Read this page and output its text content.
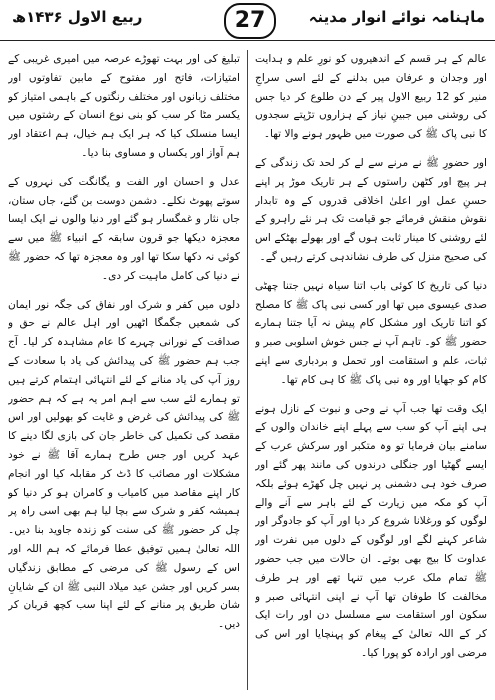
ماہنامہ نوائے انوار مدینہ
27
ربیع الاول ۱۴۳۶ھ

عالم کے ہر قسم کے اندھیروں کو نورِ علم و ہدایت اور وجدان و عرفان میں بدلنے کے لئے اسی سراجِ منیر کو 12 ربیع الاول پیر کے دن طلوع کر دیا جس کی روشنی میں جبینِ نیاز کے ہزاروں تڑپتے سجدوں کا نبی پاک ﷺ کی صورت میں ظہور ہونے والا تھا۔

اور حضورِ ﷺ نے مرنے سے لے کر لحد تک زندگی کے ہر پیچ اور کٹھن راستوں کے ہر تاریک موڑ پر اپنے حسنِ عمل اور اعلیٰ اخلاقی قدروں کے وہ تابدار نقوش منقش فرمائے جو قیامت تک ہر نئے راہرو کے لئے روشنی کا مینار ثابت ہوں گے اور بھولے بھٹکے اس کی صحیح منزل کی طرف نشاندہی کرتے رہیں گے۔

دنیا کی تاریخ کا کوئی باب اتنا سیاہ نہیں جتنا چھٹی صدی عیسوی میں تھا اور کسی نبی پاک ﷺ کا مصلح کو اتنا تاریک اور مشکل کام پیش نہ آیا جتنا ہمارے حضور ﷺ کو۔ تاہم آپ نے جس خوش اسلوبی صبر و ثبات، علم و استقامت اور تحمل و بردباری سے اپنے کام کو جھایا اور وہ نبی پاک ﷺ کا ہی کام تھا۔

ایک وقت تھا جب آپ نے وحی و نبوت کے نازل ہونے ہی اپنے آپ کو سب سے پہلے اپنے خاندان والوں کے سامنے بیان فرمایا تو وہ متکبر اور سرکش عرب کے ایسے گھٹیا اور جنگلی درندوں کی مانند پھر گئے اور صرف خود ہی دشمنی پر نہیں چل کھڑے ہوئے بلکہ آپ کو مکہ میں زیارت کے لئے باہر سے آنے والے لوگوں کو ورغلانا شروع کر دیا اور آپ کو جادوگر اور شاعر کہنے لگے اور لوگوں کے دلوں میں نفرت اور عداوت کا بیج بھی بوتے۔ ان حالات میں جب حضور ﷺ تمام ملک عرب میں تنہا تھے اور ہر طرف مخالفت کا طوفان تھا آپ نے اپنی انتہائی صبر و سکون اور استقامت سے مسلسل دن اور رات ایک کر کے اللہ تعالیٰ کے پیغام کو پہنچایا اور اس کی مرضی اور ارادہ کو پورا کیا۔

تبلیغ کی اور بہت تھوڑے عرصہ میں امیری غریبی کے امتیازات، فاتح اور مفتوح کے مابین تفاوتوں اور مختلف زبانوں اور مختلف رنگتوں کے باہمی امتیاز کو یکسر مٹا کر سب کو بنی نوع انسان کے رشتوں میں ایسا منسلک کیا کہ ہر ایک ہم خیال، ہم اعتقاد اور ہم آواز اور یکساں و مساوی بنا دیا۔

عدل و احسان اور الفت و یگانگت کی نہروں کے سوتے پھوٹ نکلے۔ دشمن دوست بن گئے، جاں ستان، جاں نثار و غمگسار ہو گئے اور دنیا والوں نے ایک ایسا معجزہ دیکھا جو قرون سابقہ کے انبیاء ﷺ میں سے کوئی نہ دکھا سکا تھا اور وہ معجزہ تھا کہ حضور ﷺ نے دنیا کی کامل ماہیت کر دی۔

دلوں میں کفر و شرک اور نفاق کی جگہ نور ایمان کی شمعیں جگمگا اٹھیں اور اہل عالم نے حق و صداقت کے نورانی چہرے کا عام مشاہدہ کر لیا۔ آج جب ہم حضور ﷺ کی پیدائش کی یاد با سعادت کے روز آپ کی یاد منانے کے لئے انتہائی اہتمام کرتے ہیں تو ہمارے لئے سب سے اہم امر یہ ہے کہ ہم حضور ﷺ کی پیدائش کی غرض و غایت کو بھولیں اور اس مقصد کی تکمیل کی خاطر جان کی بازی لگا دینے کا عہد کریں اور جس طرح ہمارے آقا ﷺ نے خود مشکلات اور مصائب کا ڈٹ کر مقابلہ کیا اور انجام کار اپنے مقاصد میں کامیاب و کامران ہو کر دنیا کو ہمیشہ کفر و شرک سے بچا لیا ہم بھی اسی راہ پر چل کر حضور ﷺ کی سنت کو زندہ جاوید بنا دیں۔ اللہ تعالیٰ ہمیں توفیق عطا فرمائے کہ ہم اللہ اور اس کے رسول ﷺ کی مرضی کے مطابق زندگیاں بسر کریں اور جشن عید میلاد النبی ﷺ ان کے شایانِ شان طریق پر منانے کے لئے اپنا سب کچھ قربان کر دیں۔
